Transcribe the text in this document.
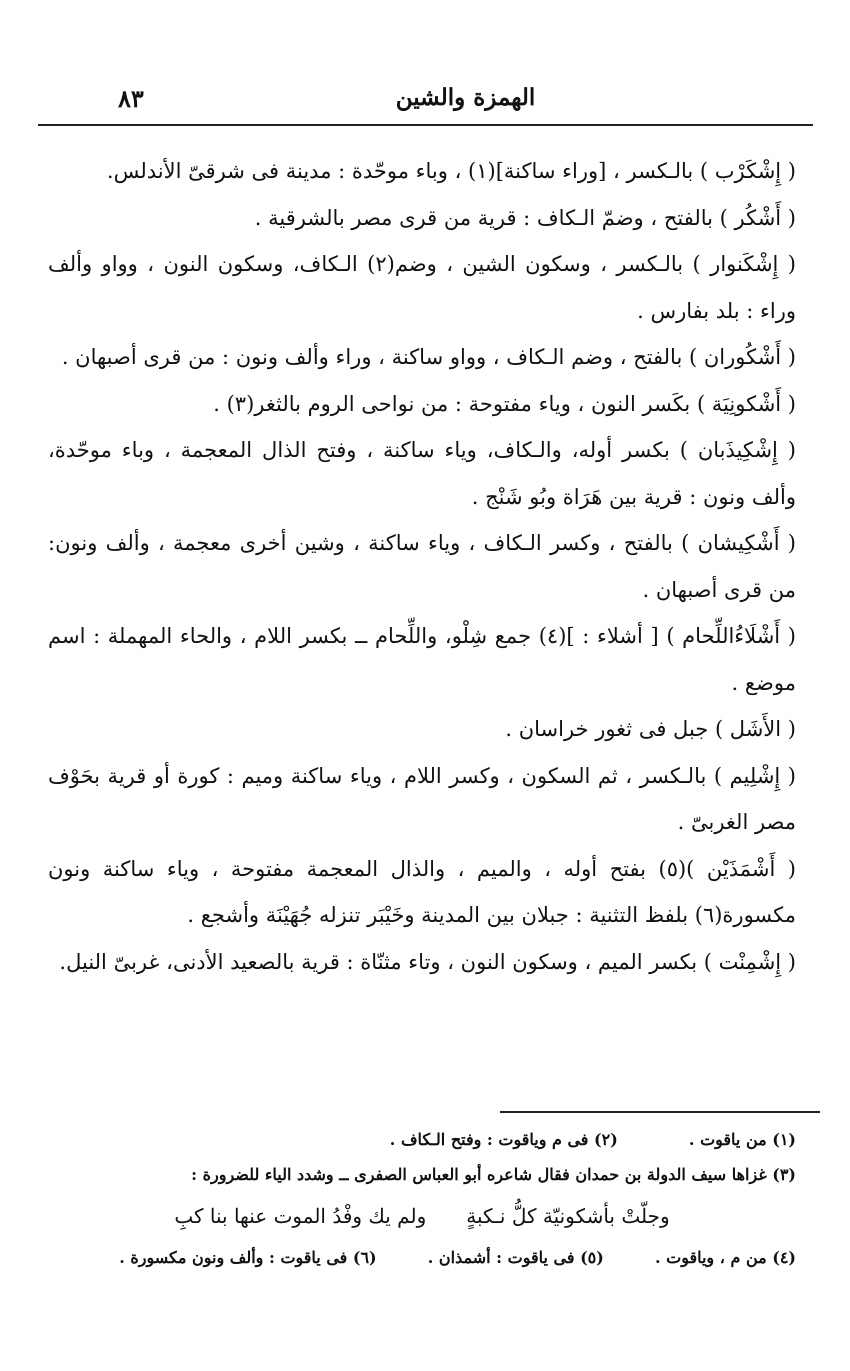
٨٣	الهمزة والشين

( إِشْكَرْب ) بالـكسر ، [وراء ساكنة](١) ، وباء موحّدة : مدينة فى شرقىّ الأندلس.

( أَشْكُر ) بالفتح ، وضمّ الـكاف : قرية من قرى مصر بالشرقية .

( إِشْكَنوار ) بالـكسر ، وسكون الشين ، وضم(٢) الـكاف، وسكون النون ، وواو وألف وراء : بلد بفارس .

( أَشْكُوران ) بالفتح ، وضم الـكاف ، وواو ساكنة ، وراء وألف ونون : من قرى أصبهان .

( أَشْكونِيَة ) بكَسر النون ، وياء مفتوحة : من نواحى الروم بالثغر(٣) .

( إِشْكِيذَبان ) بكسر أوله، والـكاف، وياء ساكنة ، وفتح الذال المعجمة ، وباء موحّدة، وألف ونون : قرية بين هَرَاة وبُو شَنْج .

( أَشْكِيشان ) بالفتح ، وكسر الـكاف ، وياء ساكنة ، وشين أخرى معجمة ، وألف ونون: من قرى أصبهان .

( أَشْلَاءُاللِّحام ) [ أشلاء : ](٤) جمع شِلْو، واللِّحام ــ بكسر اللام ، والحاء المهملة : اسم موضع .

( الأَشَل ) جبل فى ثغور خراسان .

( إِشْلِيم ) بالـكسر ، ثم السكون ، وكسر اللام ، وياء ساكنة وميم : كورة أو قرية بحَوْف مصر الغربىّ .

( أَشْمَذَيْن )(٥) بفتح أوله ، والميم ، والذال المعجمة مفتوحة ، وياء ساكنة ونون مكسورة(٦) بلفظ التثنية : جبلان بين المدينة وخَيْبَر تنزله جُهَيْنَة وأشجع .

( إِشْمِنْت ) بكسر الميم ، وسكون النون ، وتاء مثنّاة : قرية بالصعيد الأدنى، غربىّ النيل.

(١) من ياقوت .  (٢) فى م وياقوت : وفتح الـكاف .
(٣) غزاها سيف الدولة بن حمدان فقال شاعره أبو العباس الصفرى ــ وشدد الياء للضرورة :
وجلّتْ بأشكونيّة كلُّ نـكبةٍ
ولم يك وفْدُ الموت عنها بنا كبِ
(٤) من م ، وياقوت .  (٥) فى ياقوت : أشمذان .  (٦) فى ياقوت : وألف ونون مكسورة .
